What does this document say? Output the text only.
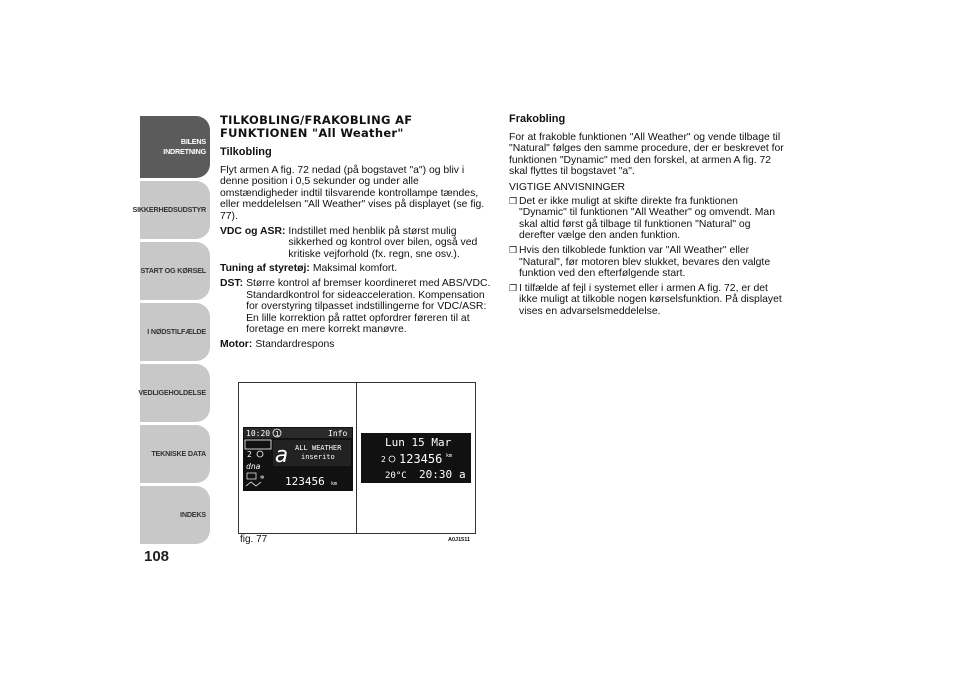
BILENS
INDRETNING
SIKKERHEDSUDSTYR
START OG KØRSEL
I NØDSTILFÆLDE
VEDLIGEHOLDELSE
TEKNISKE DATA
INDEKS
108
TILKOBLING/FRAKOBLING AF FUNKTIONEN "All Weather"
Tilkobling

Flyt armen A fig. 72 nedad (på bogstavet "a") og bliv i denne position i 0,5 sekunder og under alle omstændigheder indtil tilsvarende kontrollampe tændes, eller meddelelsen "All Weather" vises på displayet (se fig. 77).

VDC og ASR: Indstillet med henblik på størst mulig sikkerhed og kontrol over bilen, også ved kritiske vejforhold (fx. regn, sne osv.).
Tuning af styretøj: Maksimal komfort.
DST: Større kontrol af bremser koordineret med ABS/VDC. Standardkontrol for sideacceleration. Kompensation for overstyring tilpasset indstillingerne for VDC/ASR: En lille korrektion på rattet opfordrer føreren til at foretage en mere korrekt manøvre.
Motor: Standardrespons
Frakobling

For at frakoble funktionen "All Weather" og vende tilbage til "Natural" følges den samme procedure, der er beskrevet for funktionen "Dynamic" med den forskel, at armen A fig. 72 skal flyttes til bogstavet "a".

VIGTIGE ANVISNINGER

❒ Det er ikke muligt at skifte direkte fra funktionen "Dynamic" til funktionen "All Weather" og omvendt. Man skal altid først gå tilbage til funktionen "Natural" og derefter vælge den anden funktion.
❒ Hvis den tilkoblede funktion var "All Weather" eller "Natural", før motoren blev slukket, bevares den valgte funktion ved den efterfølgende start.
❒ I tilfælde af fejl i systemet eller i armen A fig. 72, er det ikke muligt at tilkoble nogen kørselsfunktion. På displayet vises en advarselsmeddelelse.
10:20 1	Info
2
dna
✲
a ALL WEATHER
inserito
123456 km
Lun 15 Mar
2 123456 km
20°C 20:30 a
fig. 77	A0J1511
